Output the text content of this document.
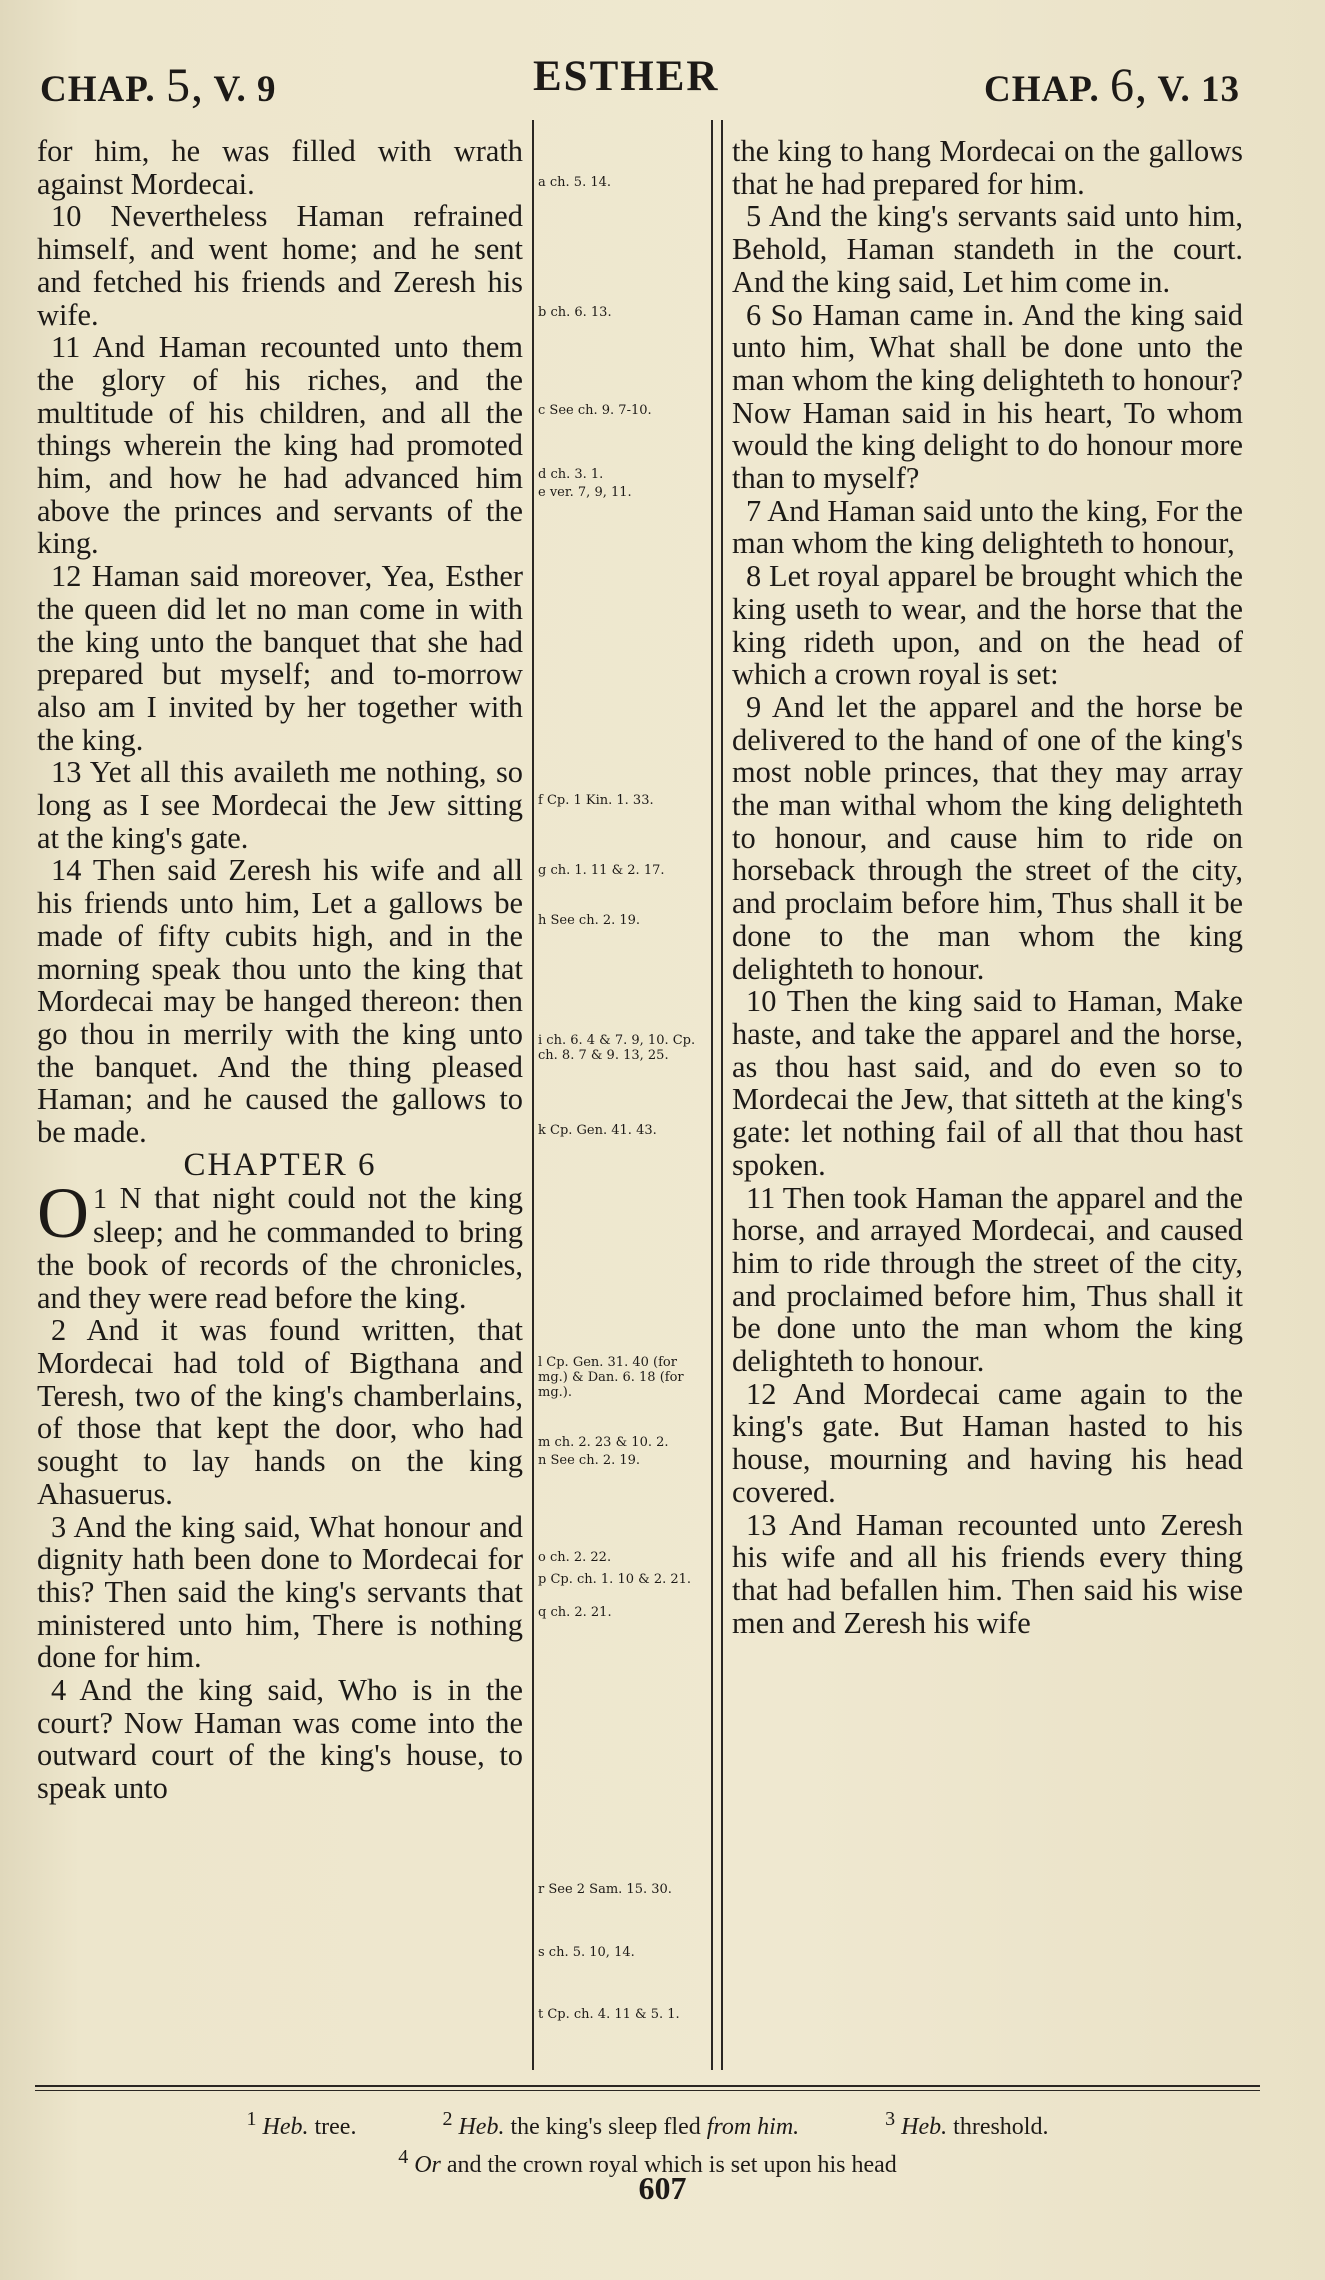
CHAP. 5, V. 9	ESTHER	CHAP. 6, V. 13

for him, he was filled with wrath against Mordecai.

10 Nevertheless Haman refrained himself, and went home; and he sent and fetched his friends and Zeresh his wife.

11 And Haman recounted unto them the glory of his riches, and the multitude of his children, and all the things wherein the king had promoted him, and how he had advanced him above the princes and servants of the king.

12 Haman said moreover, Yea, Esther the queen did let no man come in with the king unto the banquet that she had prepared but myself; and to-morrow also am I invited by her together with the king.

13 Yet all this availeth me nothing, so long as I see Mordecai the Jew sitting at the king's gate.

14 Then said Zeresh his wife and all his friends unto him, Let a gallows be made of fifty cubits high, and in the morning speak thou unto the king that Mordecai may be hanged thereon: then go thou in merrily with the king unto the banquet. And the thing pleased Haman; and he caused the gallows to be made.

CHAPTER 6

1
O N that night could not the king sleep; and he commanded to bring the book of records of the chronicles, and they were read before the king.

2 And it was found written, that Mordecai had told of Bigthana and Teresh, two of the king's chamberlains, of those that kept the door, who had sought to lay hands on the king Ahasuerus.

3 And the king said, What honour and dignity hath been done to Mordecai for this? Then said the king's servants that ministered unto him, There is nothing done for him.

4 And the king said, Who is in the court? Now Haman was come into the outward court of the king's house, to speak unto

a ch. 5. 14.
b ch. 6. 13.
c See ch. 9. 7-10.
d ch. 3. 1.
e ver. 7, 9, 11.
f Cp. 1 Kin. 1. 33.
g ch. 1. 11 & 2. 17.
h See ch. 2. 19.
i ch. 6. 4 & 7. 9, 10. Cp. ch. 8. 7 & 9. 13, 25.
k Cp. Gen. 41. 43.
l Cp. Gen. 31. 40 (for mg.) & Dan. 6. 18 (for mg.).
m ch. 2. 23 & 10. 2.
n See ch. 2. 19.
o ch. 2. 22.
p Cp. ch. 1. 10 & 2. 21.
q ch. 2. 21.
r See 2 Sam. 15. 30.
s ch. 5. 10, 14.
t Cp. ch. 4. 11 & 5. 1.

the king to hang Mordecai on the gallows that he had prepared for him.

5 And the king's servants said unto him, Behold, Haman standeth in the court. And the king said, Let him come in.

6 So Haman came in. And the king said unto him, What shall be done unto the man whom the king delighteth to honour? Now Haman said in his heart, To whom would the king delight to do honour more than to myself?

7 And Haman said unto the king, For the man whom the king delighteth to honour,

8 Let royal apparel be brought which the king useth to wear, and the horse that the king rideth upon, and on the head of which a crown royal is set:

9 And let the apparel and the horse be delivered to the hand of one of the king's most noble princes, that they may array the man withal whom the king delighteth to honour, and cause him to ride on horseback through the street of the city, and proclaim before him, Thus shall it be done to the man whom the king delighteth to honour.

10 Then the king said to Haman, Make haste, and take the apparel and the horse, as thou hast said, and do even so to Mordecai the Jew, that sitteth at the king's gate: let nothing fail of all that thou hast spoken.

11 Then took Haman the apparel and the horse, and arrayed Mordecai, and caused him to ride through the street of the city, and proclaimed before him, Thus shall it be done unto the man whom the king delighteth to honour.

12 And Mordecai came again to the king's gate. But Haman hasted to his house, mourning and having his head covered.

13 And Haman recounted unto Zeresh his wife and all his friends every thing that had befallen him. Then said his wise men and Zeresh his wife

$^1$ Heb. tree.	$^2$ Heb. the king's sleep fled from him.	$^3$ Heb. threshold.
$^4$ Or and the crown royal which is set upon his head
607
